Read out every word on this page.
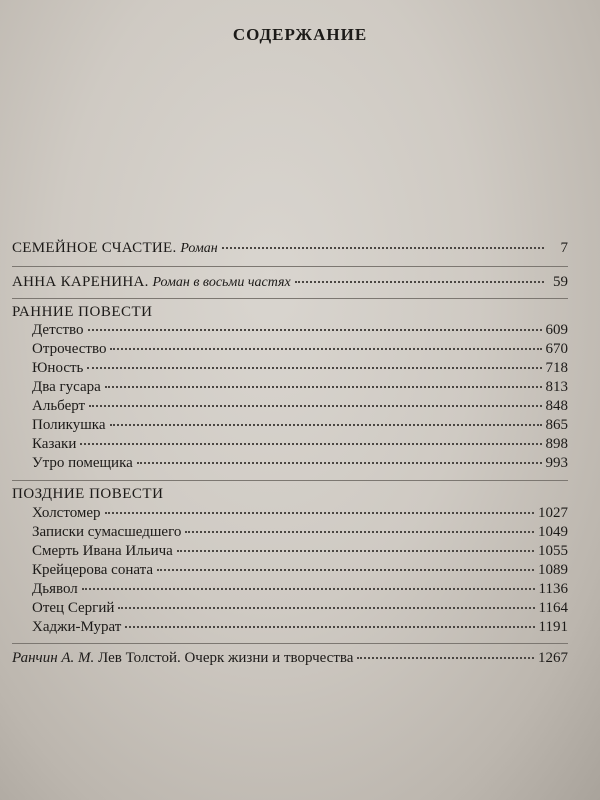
СОДЕРЖАНИЕ
СЕМЕЙНОЕ СЧАСТИЕ. Роман	7
АННА КАРЕНИНА. Роман в восьми частях	59
РАННИЕ ПОВЕСТИ
Детство	609
Отрочество	670
Юность	718
Два гусара	813
Альберт	848
Поликушка	865
Казаки	898
Утро помещика	993
ПОЗДНИЕ ПОВЕСТИ
Холстомер	1027
Записки сумасшедшего	1049
Смерть Ивана Ильича	1055
Крейцерова соната	1089
Дьявол	1136
Отец Сергий	1164
Хаджи-Мурат	1191
Ранчин А. М. Лев Толстой. Очерк жизни и творчества	1267
